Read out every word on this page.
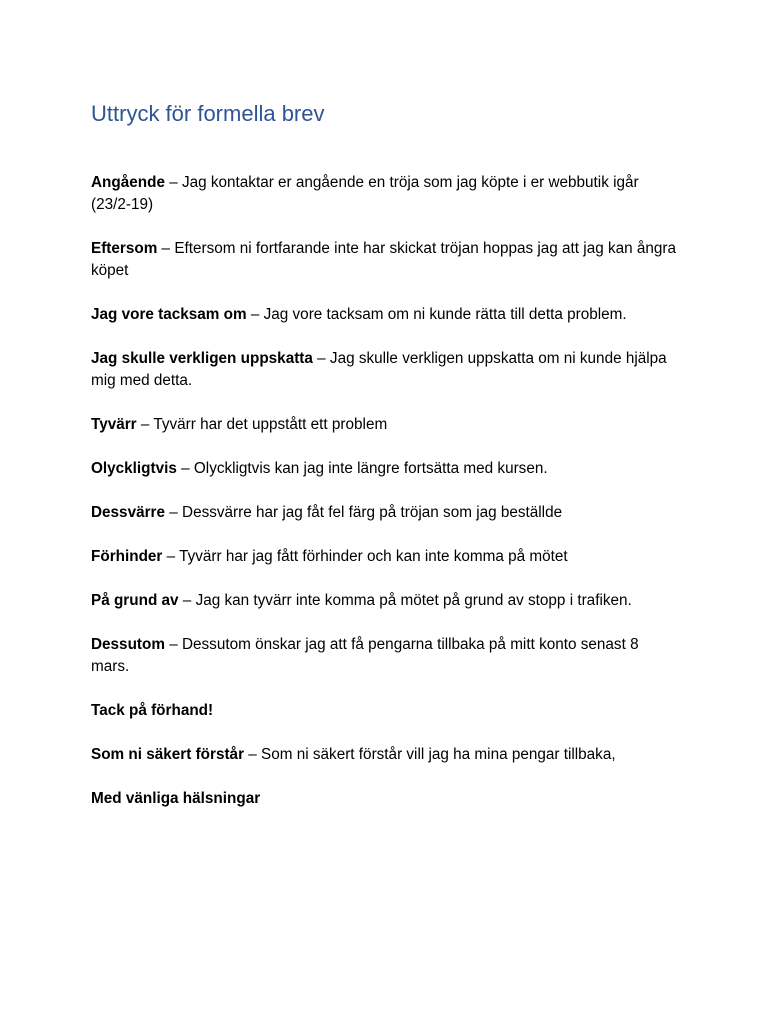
Uttryck för formella brev

Angående – Jag kontaktar er angående en tröja som jag köpte i er webbutik igår (23/2-19)

Eftersom – Eftersom ni fortfarande inte har skickat tröjan hoppas jag att jag kan ångra köpet

Jag vore tacksam om – Jag vore tacksam om ni kunde rätta till detta problem.

Jag skulle verkligen uppskatta – Jag skulle verkligen uppskatta om ni kunde hjälpa mig med detta.

Tyvärr – Tyvärr har det uppstått ett problem

Olyckligtvis – Olyckligtvis kan jag inte längre fortsätta med kursen.

Dessvärre – Dessvärre har jag fåt fel färg på tröjan som jag beställde

Förhinder – Tyvärr har jag fått förhinder och kan inte komma på mötet

På grund av – Jag kan tyvärr inte komma på mötet på grund av stopp i trafiken.

Dessutom – Dessutom önskar jag att få pengarna tillbaka på mitt konto senast 8 mars.

Tack på förhand!

Som ni säkert förstår – Som ni säkert förstår vill jag ha mina pengar tillbaka,

Med vänliga hälsningar
